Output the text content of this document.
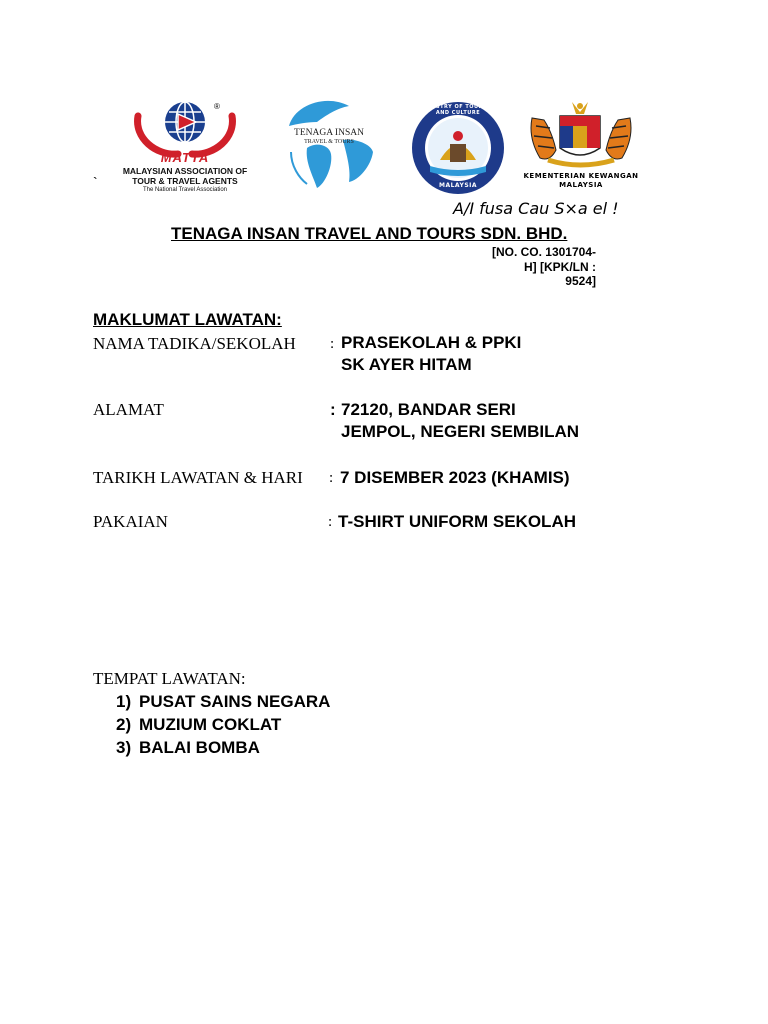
`
®
MATTA
MALAYSIAN ASSOCIATION OF
TOUR & TRAVEL AGENTS
The National Travel Association
TENAGA INSAN
TRAVEL & TOURS
MINISTRY OF TOURISM AND CULTURE
MALAYSIA
KEMENTERIAN KEWANGAN
MALAYSIA
A/I fusa Cau S×a el !
TENAGA INSAN TRAVEL AND TOURS SDN. BHD.
[NO. CO. 1301704-
H] [KPK/LN :
9524]
MAKLUMAT LAWATAN:
NAMA TADIKA/SEKOLAH : PRASEKOLAH & PPKI
SK AYER HITAM
ALAMAT	: 72120, BANDAR SERI
JEMPOL, NEGERI SEMBILAN
TARIKH LAWATAN & HARI : 7 DISEMBER 2023 (KHAMIS)
PAKAIAN	: T-SHIRT UNIFORM SEKOLAH
TEMPAT LAWATAN:
1) PUSAT SAINS NEGARA
2) MUZIUM COKLAT
3) BALAI BOMBA
